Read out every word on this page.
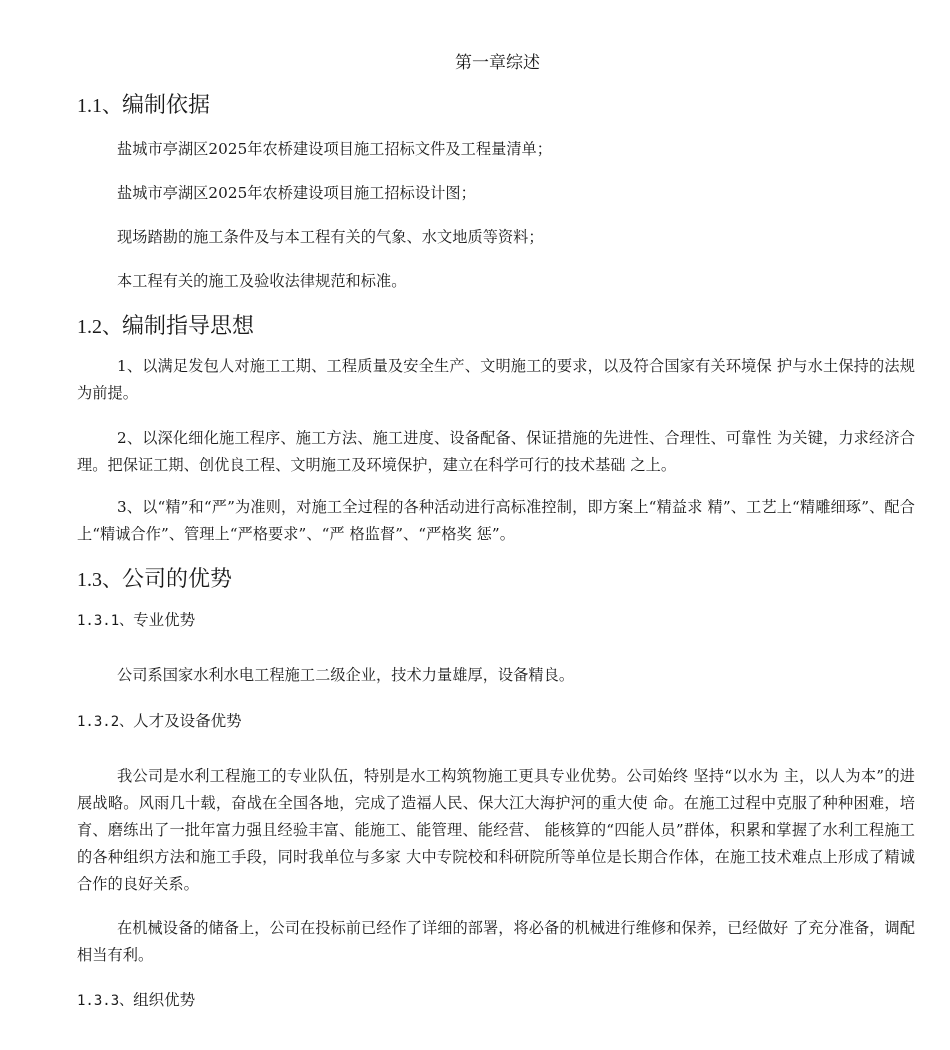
第一章综述
1.1、编制依据

盐城市亭湖区2025年农桥建设项目施工招标文件及工程量清单；

盐城市亭湖区2025年农桥建设项目施工招标设计图；

现场踏勘的施工条件及与本工程有关的气象、水文地质等资料；

本工程有关的施工及验收法律规范和标准。

1.2、编制指导思想

1、以满足发包人对施工工期、工程质量及安全生产、文明施工的要求，以及符合国家有关环境保 护与水土保持的法规为前提。

2、以深化细化施工程序、施工方法、施工进度、设备配备、保证措施的先进性、合理性、可靠性 为关键，力求经济合理。把保证工期、创优良工程、文明施工及环境保护，建立在科学可行的技术基础 之上。

3、以“精”和“严”为准则，对施工全过程的各种活动进行高标准控制，即方案上“精益求 精”、工艺上“精雕细琢”、配合上“精诚合作”、管理上“严格要求”、“严 格监督”、“严格奖 惩”。

1.3、公司的优势
1.3.1、专业优势

公司系国家水利水电工程施工二级企业，技术力量雄厚，设备精良。

1.3.2、人才及设备优势

我公司是水利工程施工的专业队伍，特别是水工构筑物施工更具专业优势。公司始终 坚持“以水为 主，以人为本”的进展战略。风雨几十载，奋战在全国各地，完成了造福人民、保大江大海护河的重大使 命。在施工过程中克服了种种困难，培育、磨练出了一批年富力强且经验丰富、能施工、能管理、能经营、 能核算的“四能人员”群体，积累和掌握了水利工程施工的各种组织方法和施工手段，同时我单位与多家 大中专院校和科研院所等单位是长期合作体，在施工技术难点上形成了精诚合作的良好关系。

在机械设备的储备上，公司在投标前已经作了详细的部署，将必备的机械进行维修和保养，已经做好 了充分准备，调配相当有利。

1.3.3、组织优势
